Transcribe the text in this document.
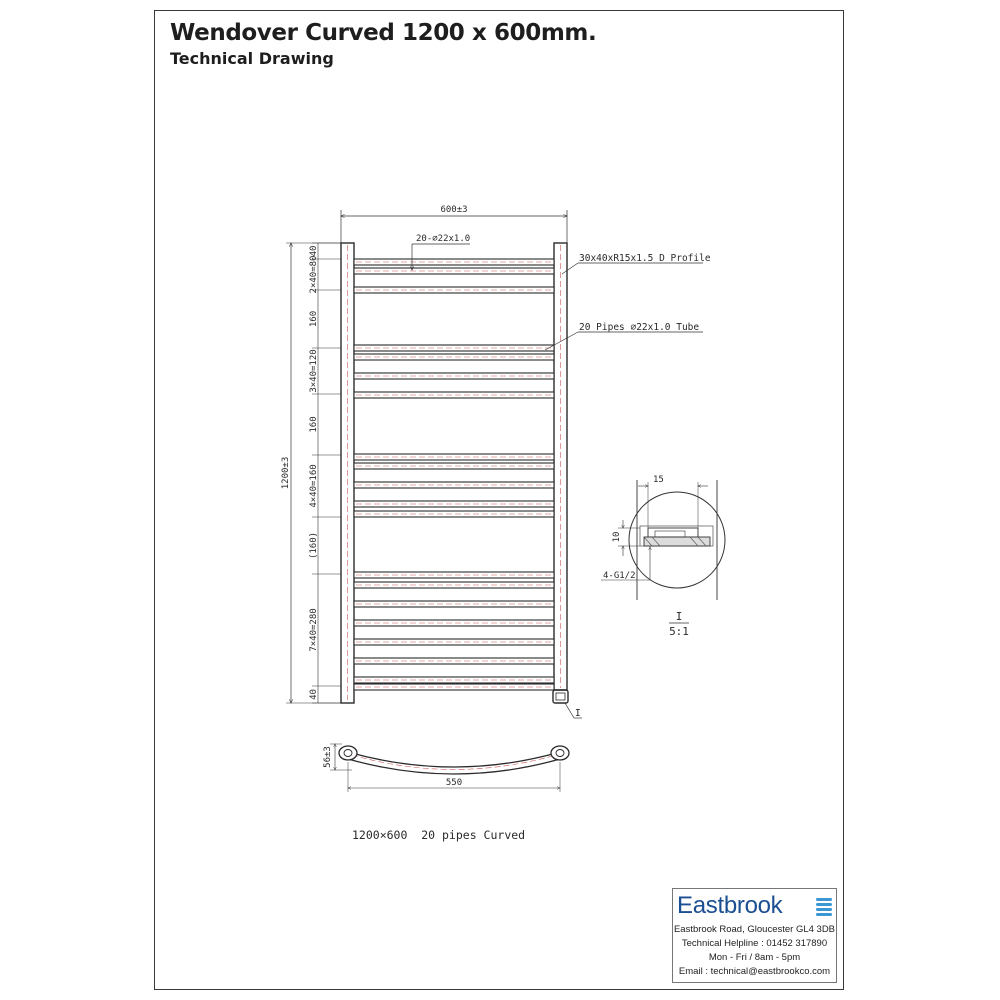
Wendover Curved 1200 x 600mm.
Technical Drawing
600±3
20-⌀22x1.0
30x40xR15x1.5 D Profile
20 Pipes ⌀22x1.0 Tube
I
1200±3
40
2×40=80
160
3×40=120
160
4×40=160
(160)
7×40=280
40
15
10
4-G1/2
I
5:1
56±3
550
1200×600  20 pipes Curved
Eastbrook
Eastbrook Road, Gloucester GL4 3DB
Technical Helpline : 01452 317890
Mon - Fri / 8am - 5pm
Email : technical@eastbrookco.com
